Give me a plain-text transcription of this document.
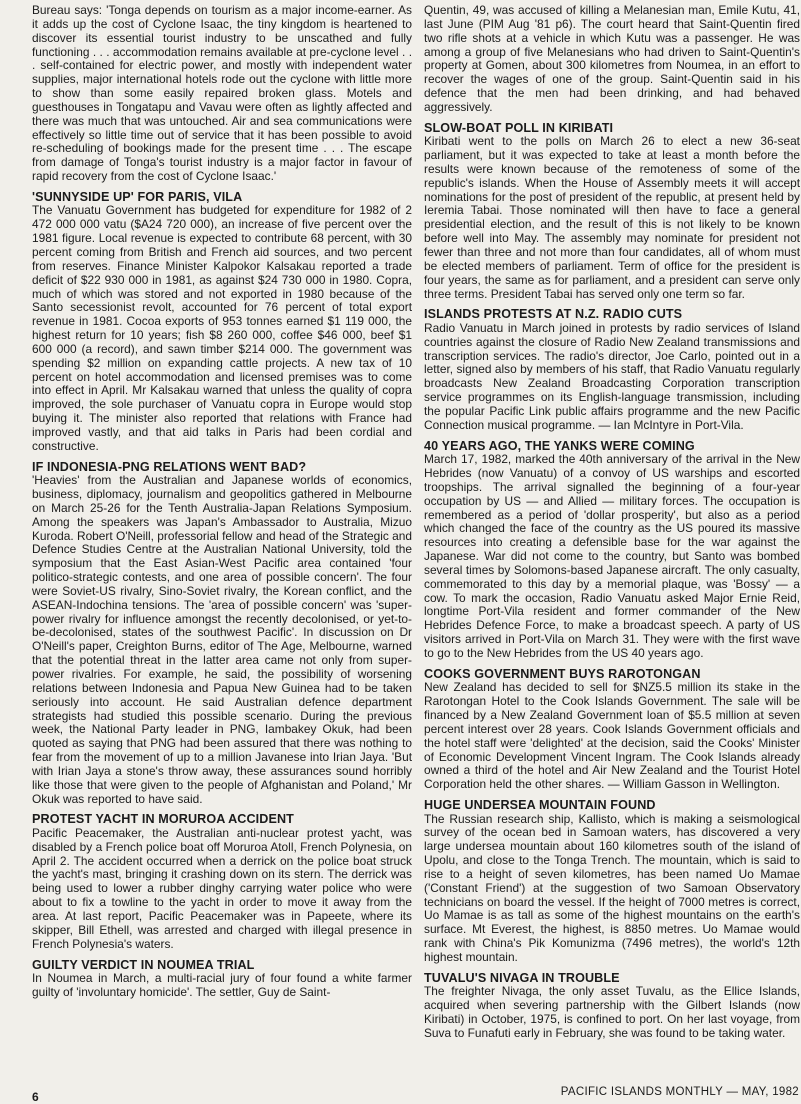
Bureau says: 'Tonga depends on tourism as a major income-earner. As it adds up the cost of Cyclone Isaac, the tiny kingdom is heartened to discover its essential tourist industry to be unscathed and fully functioning . . . accommodation remains available at pre-cyclone level . . . self-contained for electric power, and mostly with independent water supplies, major international hotels rode out the cyclone with little more to show than some easily repaired broken glass. Motels and guesthouses in Tongatapu and Vavau were often as lightly affected and there was much that was untouched. Air and sea communications were effectively so little time out of service that it has been possible to avoid re-scheduling of bookings made for the present time . . . The escape from damage of Tonga's tourist industry is a major factor in favour of rapid recovery from the cost of Cyclone Isaac.'

'SUNNYSIDE UP' FOR PARIS, VILA

The Vanuatu Government has budgeted for expenditure for 1982 of 2 472 000 000 vatu ($A24 720 000), an increase of five percent over the 1981 figure. Local revenue is expected to contribute 68 percent, with 30 percent coming from British and French aid sources, and two percent from reserves. Finance Minister Kalpokor Kalsakau reported a trade deficit of $22 930 000 in 1981, as against $24 730 000 in 1980. Copra, much of which was stored and not exported in 1980 because of the Santo secessionist revolt, accounted for 76 percent of total export revenue in 1981. Cocoa exports of 953 tonnes earned $1 119 000, the highest return for 10 years; fish $8 260 000, coffee $46 000, beef $1 600 000 (a record), and sawn timber $214 000. The government was spending $2 million on expanding cattle projects. A new tax of 10 percent on hotel accommodation and licensed premises was to come into effect in April. Mr Kalsakau warned that unless the quality of copra improved, the sole purchaser of Vanuatu copra in Europe would stop buying it. The minister also reported that relations with France had improved vastly, and that aid talks in Paris had been cordial and constructive.

IF INDONESIA-PNG RELATIONS WENT BAD?

'Heavies' from the Australian and Japanese worlds of economics, business, diplomacy, journalism and geopolitics gathered in Melbourne on March 25-26 for the Tenth Australia-Japan Relations Symposium. Among the speakers was Japan's Ambassador to Australia, Mizuo Kuroda. Robert O'Neill, professorial fellow and head of the Strategic and Defence Studies Centre at the Australian National University, told the symposium that the East Asian-West Pacific area contained 'four politico-strategic contests, and one area of possible concern'. The four were Soviet-US rivalry, Sino-Soviet rivalry, the Korean conflict, and the ASEAN-Indochina tensions. The 'area of possible concern' was 'super-power rivalry for influence amongst the recently decolonised, or yet-to-be-decolonised, states of the southwest Pacific'. In discussion on Dr O'Neill's paper, Creighton Burns, editor of The Age, Melbourne, warned that the potential threat in the latter area came not only from super-power rivalries. For example, he said, the possibility of worsening relations between Indonesia and Papua New Guinea had to be taken seriously into account. He said Australian defence department strategists had studied this possible scenario. During the previous week, the National Party leader in PNG, Iambakey Okuk, had been quoted as saying that PNG had been assured that there was nothing to fear from the movement of up to a million Javanese into Irian Jaya. 'But with Irian Jaya a stone's throw away, these assurances sound horribly like those that were given to the people of Afghanistan and Poland,' Mr Okuk was reported to have said.

PROTEST YACHT IN MORUROA ACCIDENT

Pacific Peacemaker, the Australian anti-nuclear protest yacht, was disabled by a French police boat off Moruroa Atoll, French Polynesia, on April 2. The accident occurred when a derrick on the police boat struck the yacht's mast, bringing it crashing down on its stern. The derrick was being used to lower a rubber dinghy carrying water police who were about to fix a towline to the yacht in order to move it away from the area. At last report, Pacific Peacemaker was in Papeete, where its skipper, Bill Ethell, was arrested and charged with illegal presence in French Polynesia's waters.

GUILTY VERDICT IN NOUMEA TRIAL

In Noumea in March, a multi-racial jury of four found a white farmer guilty of 'involuntary homicide'. The settler, Guy de Saint-

Quentin, 49, was accused of killing a Melanesian man, Emile Kutu, 41, last June (PIM Aug '81 p6). The court heard that Saint-Quentin fired two rifle shots at a vehicle in which Kutu was a passenger. He was among a group of five Melanesians who had driven to Saint-Quentin's property at Gomen, about 300 kilometres from Noumea, in an effort to recover the wages of one of the group. Saint-Quentin said in his defence that the men had been drinking, and had behaved aggressively.

SLOW-BOAT POLL IN KIRIBATI

Kiribati went to the polls on March 26 to elect a new 36-seat parliament, but it was expected to take at least a month before the results were known because of the remoteness of some of the republic's islands. When the House of Assembly meets it will accept nominations for the post of president of the republic, at present held by Ieremia Tabai. Those nominated will then have to face a general presidential election, and the result of this is not likely to be known before well into May. The assembly may nominate for president not fewer than three and not more than four candidates, all of whom must be elected members of parliament. Term of office for the president is four years, the same as for parliament, and a president can serve only three terms. President Tabai has served only one term so far.

ISLANDS PROTESTS AT N.Z. RADIO CUTS

Radio Vanuatu in March joined in protests by radio services of Island countries against the closure of Radio New Zealand transmissions and transcription services. The radio's director, Joe Carlo, pointed out in a letter, signed also by members of his staff, that Radio Vanuatu regularly broadcasts New Zealand Broadcasting Corporation transcription service programmes on its English-language transmission, including the popular Pacific Link public affairs programme and the new Pacific Connection musical programme. — Ian McIntyre in Port-Vila.

40 YEARS AGO, THE YANKS WERE COMING

March 17, 1982, marked the 40th anniversary of the arrival in the New Hebrides (now Vanuatu) of a convoy of US warships and escorted troopships. The arrival signalled the beginning of a four-year occupation by US — and Allied — military forces. The occupation is remembered as a period of 'dollar prosperity', but also as a period which changed the face of the country as the US poured its massive resources into creating a defensible base for the war against the Japanese. War did not come to the country, but Santo was bombed several times by Solomons-based Japanese aircraft. The only casualty, commemorated to this day by a memorial plaque, was 'Bossy' — a cow. To mark the occasion, Radio Vanuatu asked Major Ernie Reid, longtime Port-Vila resident and former commander of the New Hebrides Defence Force, to make a broadcast speech. A party of US visitors arrived in Port-Vila on March 31. They were with the first wave to go to the New Hebrides from the US 40 years ago.

COOKS GOVERNMENT BUYS RAROTONGAN

New Zealand has decided to sell for $NZ5.5 million its stake in the Rarotongan Hotel to the Cook Islands Government. The sale will be financed by a New Zealand Government loan of $5.5 million at seven percent interest over 28 years. Cook Islands Government officials and the hotel staff were 'delighted' at the decision, said the Cooks' Minister of Economic Development Vincent Ingram. The Cook Islands already owned a third of the hotel and Air New Zealand and the Tourist Hotel Corporation held the other shares. — William Gasson in Wellington.

HUGE UNDERSEA MOUNTAIN FOUND

The Russian research ship, Kallisto, which is making a seismological survey of the ocean bed in Samoan waters, has discovered a very large undersea mountain about 160 kilometres south of the island of Upolu, and close to the Tonga Trench. The mountain, which is said to rise to a height of seven kilometres, has been named Uo Mamae ('Constant Friend') at the suggestion of two Samoan Observatory technicians on board the vessel. If the height of 7000 metres is correct, Uo Mamae is as tall as some of the highest mountains on the earth's surface. Mt Everest, the highest, is 8850 metres. Uo Mamae would rank with China's Pik Komunizma (7496 metres), the world's 12th highest mountain.

TUVALU'S NIVAGA IN TROUBLE

The freighter Nivaga, the only asset Tuvalu, as the Ellice Islands, acquired when severing partnership with the Gilbert Islands (now Kiribati) in October, 1975, is confined to port. On her last voyage, from Suva to Funafuti early in February, she was found to be taking water.

6	PACIFIC ISLANDS MONTHLY — MAY, 1982
